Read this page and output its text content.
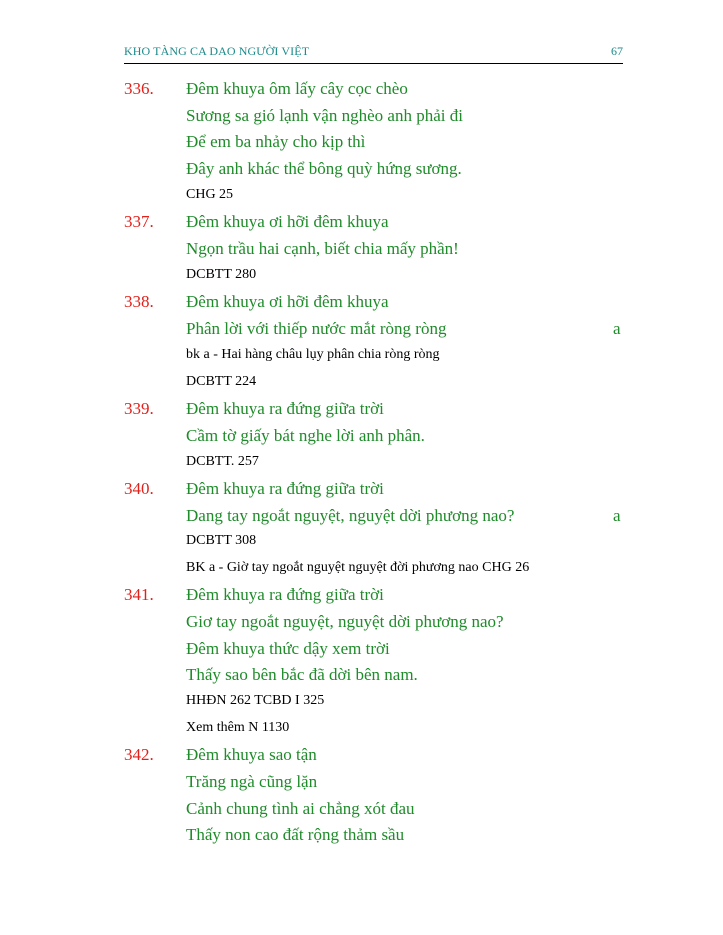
KHO TÀNG CA DAO NGƯỜI VIỆT	67
336. Đêm khuya ôm lấy cây cọc chèo
Sương sa gió lạnh vận nghèo anh phải đi
Để em ba nhảy cho kịp thì
Đây anh khác thể bông quỳ hứng sương.
CHG 25
337. Đêm khuya ơi hỡi đêm khuya
Ngọn trầu hai cạnh, biết chia mấy phần!
DCBTT 280
338. Đêm khuya ơi hỡi đêm khuya
Phân lời với thiếp nước mắt ròng ròng	a
bk a - Hai hàng châu lụy phân chia ròng ròng
DCBTT 224
339. Đêm khuya ra đứng giữa trời
Cầm tờ giấy bát nghe lời anh phân.
DCBTT. 257
340. Đêm khuya ra đứng giữa trời
Dang tay ngoắt nguyệt, nguyệt dời phương nao?	a
DCBTT 308
BK a - Giờ tay ngoắt nguyệt nguyệt đời phương nao CHG 26
341. Đêm khuya ra đứng giữa trời
Giơ tay ngoắt nguyệt, nguyệt dời phương nao?
Đêm khuya thức dậy xem trời
Thấy sao bên bắc đã dời bên nam.
HHĐN 262 TCBD I 325
Xem thêm N 1130
342. Đêm khuya sao tận
Trăng ngà cũng lặn
Cảnh chung tình ai chẳng xót đau
Thấy non cao đất rộng thảm sầu
